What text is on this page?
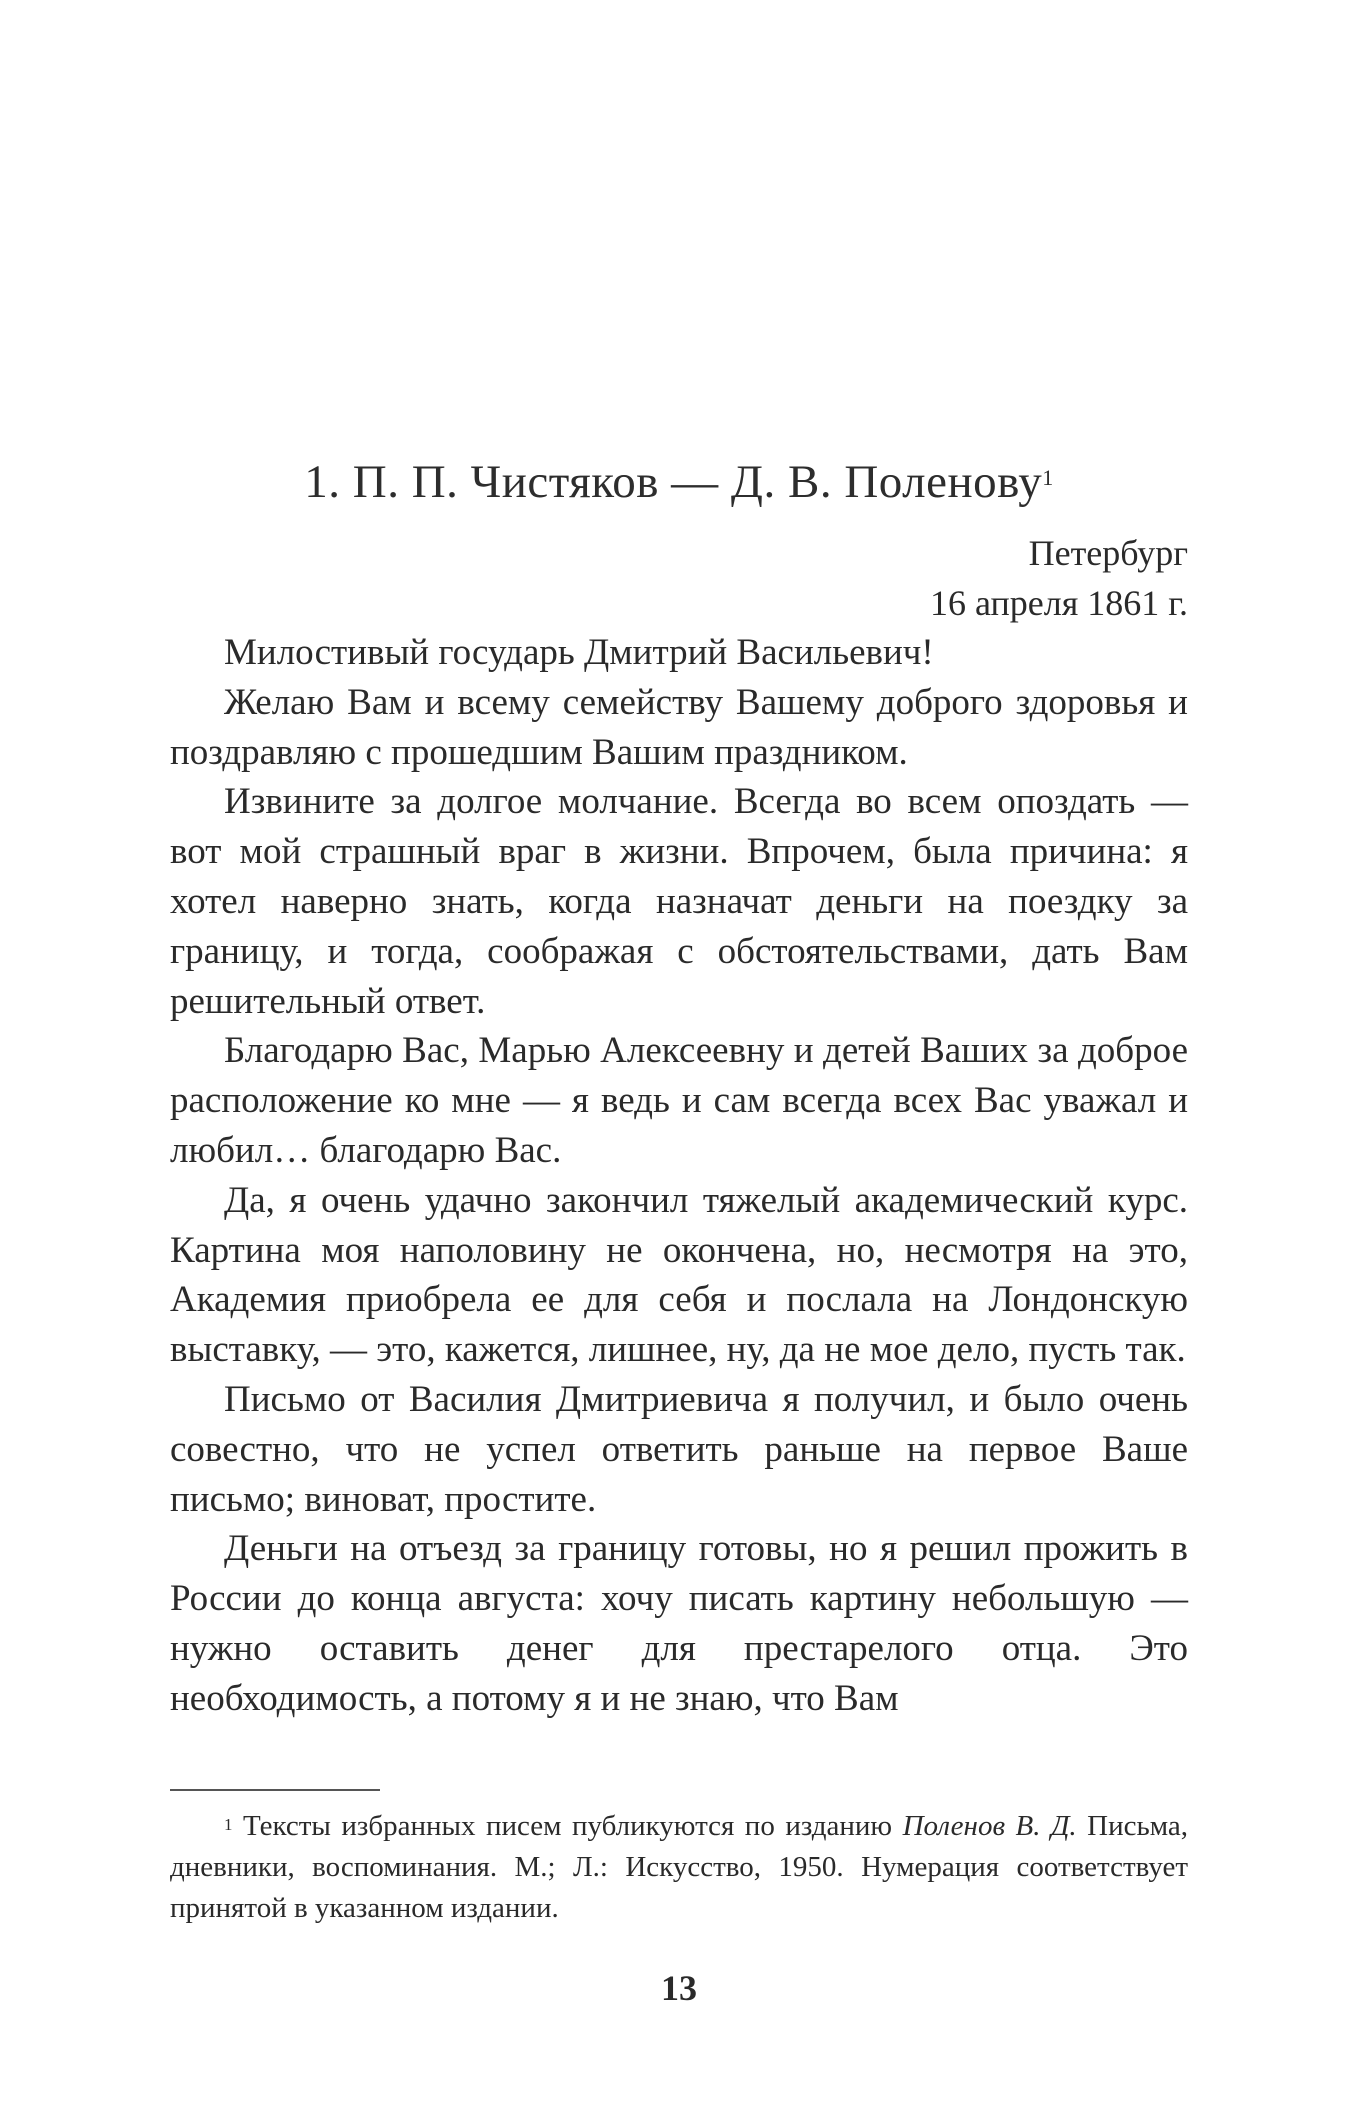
1. П. П. Чистяков — Д. В. Поленову$^1$
Петербург
16 апреля 1861 г.

Милостивый государь Дмитрий Васильевич!

Желаю Вам и всему семейству Вашему доброго здоровья и поздравляю с прошедшим Вашим праздником.

Извините за долгое молчание. Всегда во всем опоздать — вот мой страшный враг в жизни. Впрочем, была причина: я хотел наверно знать, когда назначат деньги на поездку за границу, и тогда, соображая с обстоятельствами, дать Вам решительный ответ.

Благодарю Вас, Марью Алексеевну и детей Ваших за доброе расположение ко мне — я ведь и сам всегда всех Вас уважал и любил… благодарю Вас.

Да, я очень удачно закончил тяжелый академический курс. Картина моя наполовину не окончена, но, несмотря на это, Академия приобрела ее для себя и послала на Лондонскую выставку, — это, кажется, лишнее, ну, да не мое дело, пусть так.

Письмо от Василия Дмитриевича я получил, и было очень совестно, что не успел ответить раньше на первое Ваше письмо; виноват, простите.

Деньги на отъезд за границу готовы, но я решил прожить в России до конца августа: хочу писать картину небольшую — нужно оставить денег для престарелого отца. Это необходимость, а потому я и не знаю, что Вам

$^1$ Тексты избранных писем публикуются по изданию Поленов В. Д. Письма, дневники, воспоминания. М.; Л.: Искусство, 1950. Нумерация соответствует принятой в указанном издании.
13
